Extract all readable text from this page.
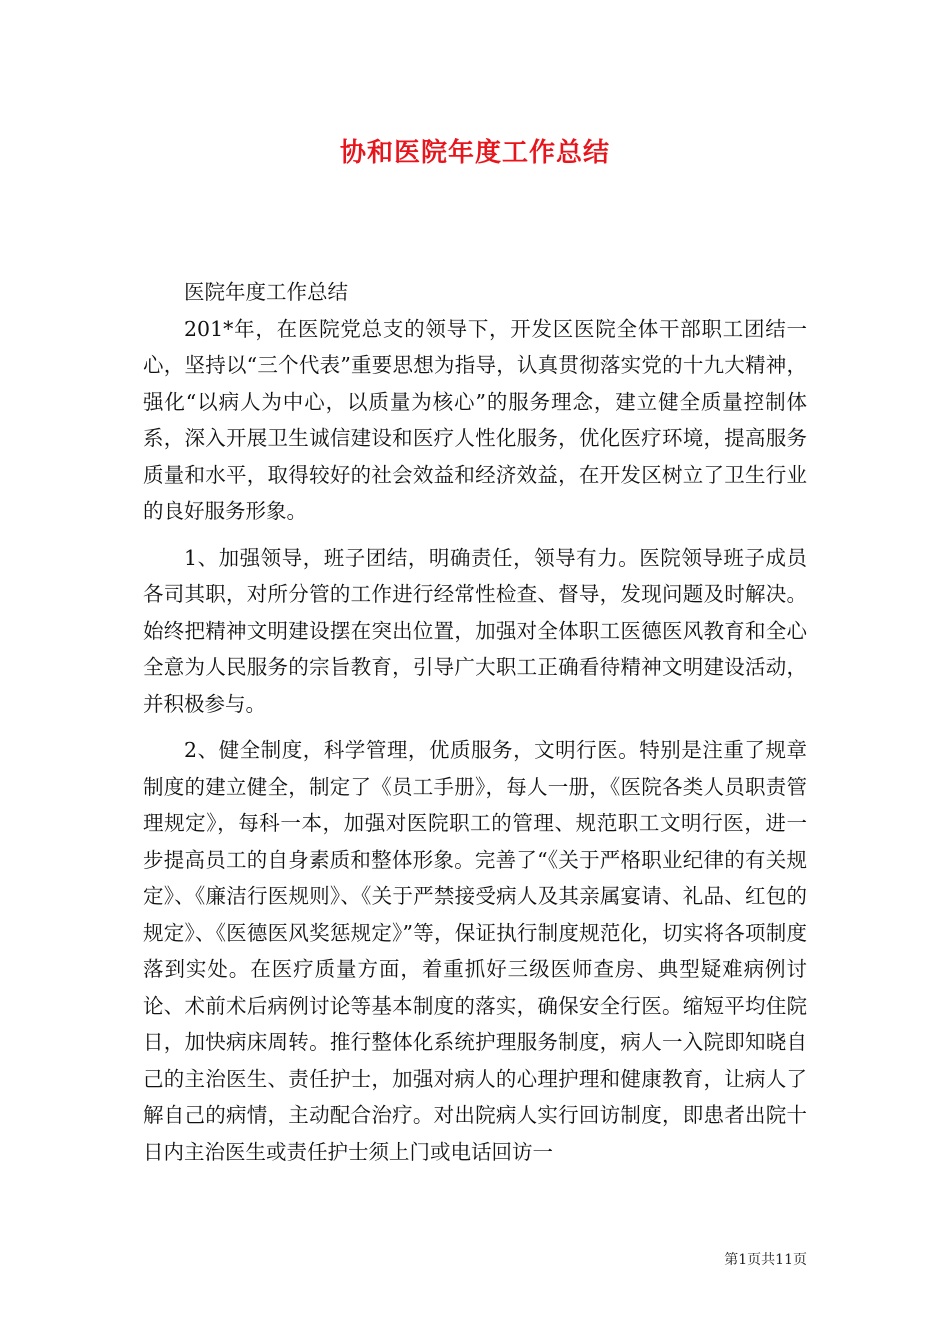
协和医院年度工作总结

医院年度工作总结

201*年，在医院党总支的领导下，开发区医院全体干部职工团结一心，坚持以“三个代表”重要思想为指导，认真贯彻落实党的十九大精神，强化“以病人为中心，以质量为核心”的服务理念，建立健全质量控制体系，深入开展卫生诚信建设和医疗人性化服务，优化医疗环境，提高服务质量和水平，取得较好的社会效益和经济效益，在开发区树立了卫生行业的良好服务形象。

1、加强领导，班子团结，明确责任，领导有力。医院领导班子成员各司其职，对所分管的工作进行经常性检查、督导，发现问题及时解决。始终把精神文明建设摆在突出位置，加强对全体职工医德医风教育和全心全意为人民服务的宗旨教育，引导广大职工正确看待精神文明建设活动，并积极参与。

2、健全制度，科学管理，优质服务，文明行医。特别是注重了规章制度的建立健全，制定了《员工手册》，每人一册，《医院各类人员职责管理规定》，每科一本，加强对医院职工的管理、规范职工文明行医，进一步提高员工的自身素质和整体形象。完善了“《关于严格职业纪律的有关规定》、《廉洁行医规则》、《关于严禁接受病人及其亲属宴请、礼品、红包的规定》、《医德医风奖惩规定》”等，保证执行制度规范化，切实将各项制度落到实处。在医疗质量方面，着重抓好三级医师查房、典型疑难病例讨论、术前术后病例讨论等基本制度的落实，确保安全行医。缩短平均住院日，加快病床周转。推行整体化系统护理服务制度，病人一入院即知晓自己的主治医生、责任护士，加强对病人的心理护理和健康教育，让病人了解自己的病情，主动配合治疗。对出院病人实行回访制度，即患者出院十日内主治医生或责任护士须上门或电话回访一

第1页共11页
